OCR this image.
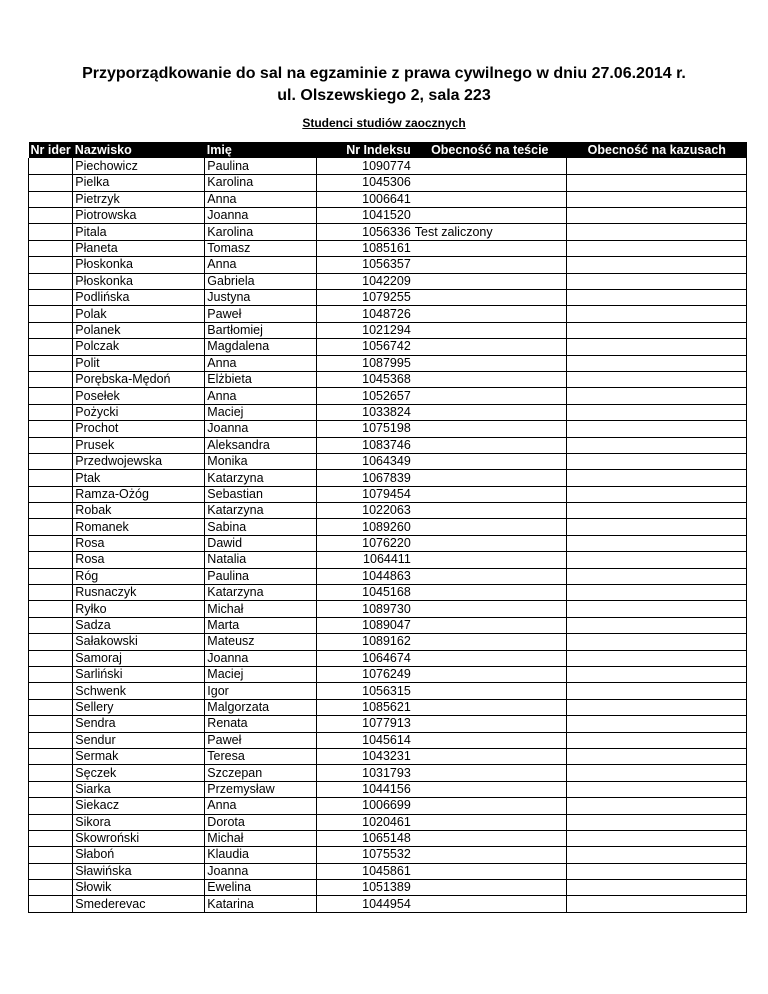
Przyporządkowanie do sal na egzaminie z prawa cywilnego w dniu 27.06.2014 r.
ul. Olszewskiego 2, sala 223
Studenci studiów zaocznych
Nr ider	Nazwisko	Imię	Nr Indeksu	Obecność na teście	Obecność na kazusach
	Piechowicz	Paulina	1090774		
	Pielka	Karolina	1045306		
	Pietrzyk	Anna	1006641		
	Piotrowska	Joanna	1041520		
	Pitala	Karolina	1056336	Test zaliczony	
	Płaneta	Tomasz	1085161		
	Płoskonka	Anna	1056357		
	Płoskonka	Gabriela	1042209		
	Podlińska	Justyna	1079255		
	Polak	Paweł	1048726		
	Polanek	Bartłomiej	1021294		
	Polczak	Magdalena	1056742		
	Polit	Anna	1087995		
	Porębska-Mędoń	Elżbieta	1045368		
	Posełek	Anna	1052657		
	Pożycki	Maciej	1033824		
	Prochot	Joanna	1075198		
	Prusek	Aleksandra	1083746		
	Przedwojewska	Monika	1064349		
	Ptak	Katarzyna	1067839		
	Ramza-Ożóg	Sebastian	1079454		
	Robak	Katarzyna	1022063		
	Romanek	Sabina	1089260		
	Rosa	Dawid	1076220		
	Rosa	Natalia	1064411		
	Róg	Paulina	1044863		
	Rusnaczyk	Katarzyna	1045168		
	Ryłko	Michał	1089730		
	Sadza	Marta	1089047		
	Sałakowski	Mateusz	1089162		
	Samoraj	Joanna	1064674		
	Sarliński	Maciej	1076249		
	Schwenk	Igor	1056315		
	Sellery	Malgorzata	1085621		
	Sendra	Renata	1077913		
	Sendur	Paweł	1045614		
	Sermak	Teresa	1043231		
	Sęczek	Szczepan	1031793		
	Siarka	Przemysław	1044156		
	Siekacz	Anna	1006699		
	Sikora	Dorota	1020461		
	Skowroński	Michał	1065148		
	Słaboń	Klaudia	1075532		
	Sławińska	Joanna	1045861		
	Słowik	Ewelina	1051389		
	Smederevac	Katarina	1044954		
